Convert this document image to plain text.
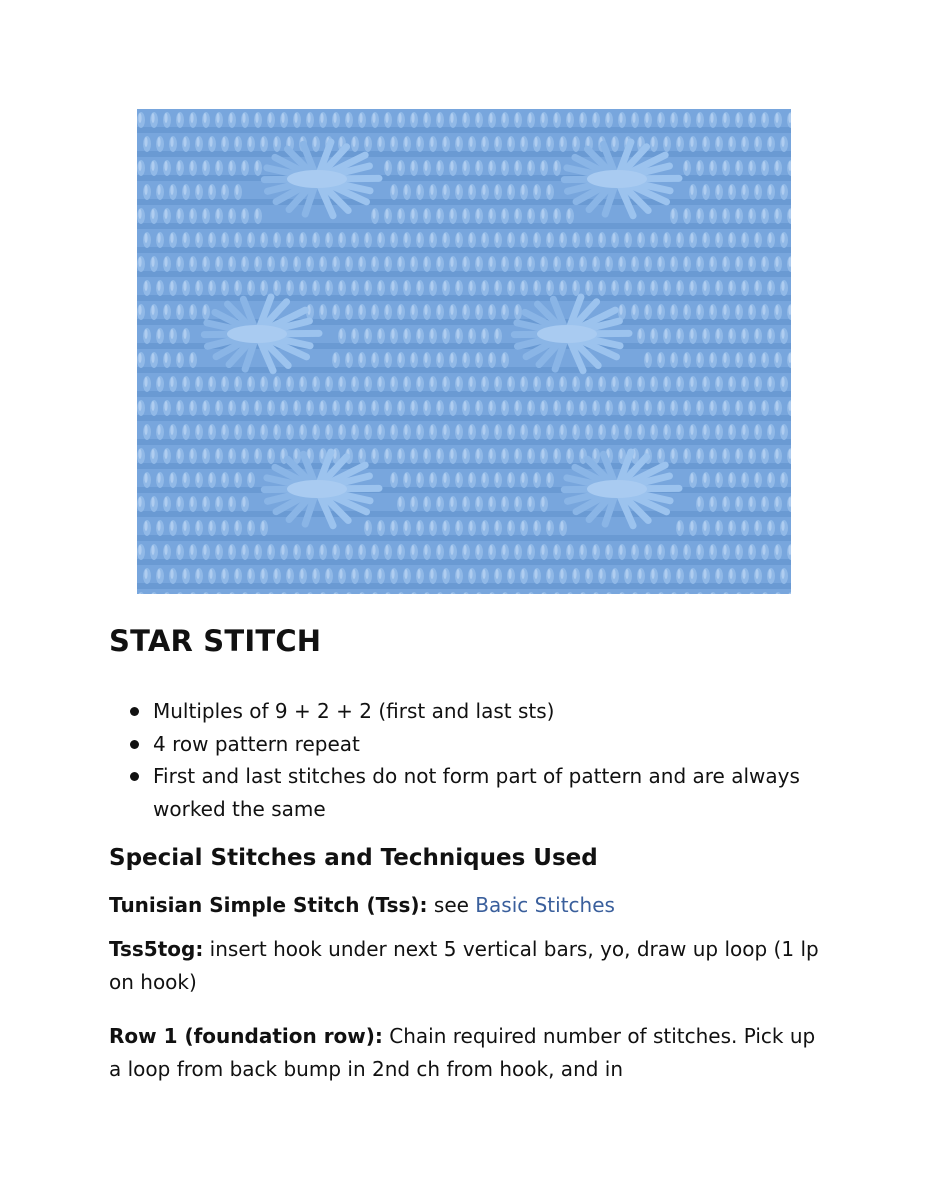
STAR STITCH
Multiples of 9 + 2 + 2 (first and last sts)
4 row pattern repeat
First and last stitches do not form part of pattern and are always worked the same
Special Stitches and Techniques Used

Tunisian Simple Stitch (Tss): see Basic Stitches

Tss5tog: insert hook under next 5 vertical bars, yo, draw up loop (1 lp on hook)

Row 1 (foundation row): Chain required number of stitches. Pick up a loop from back bump in 2nd ch from hook, and in
